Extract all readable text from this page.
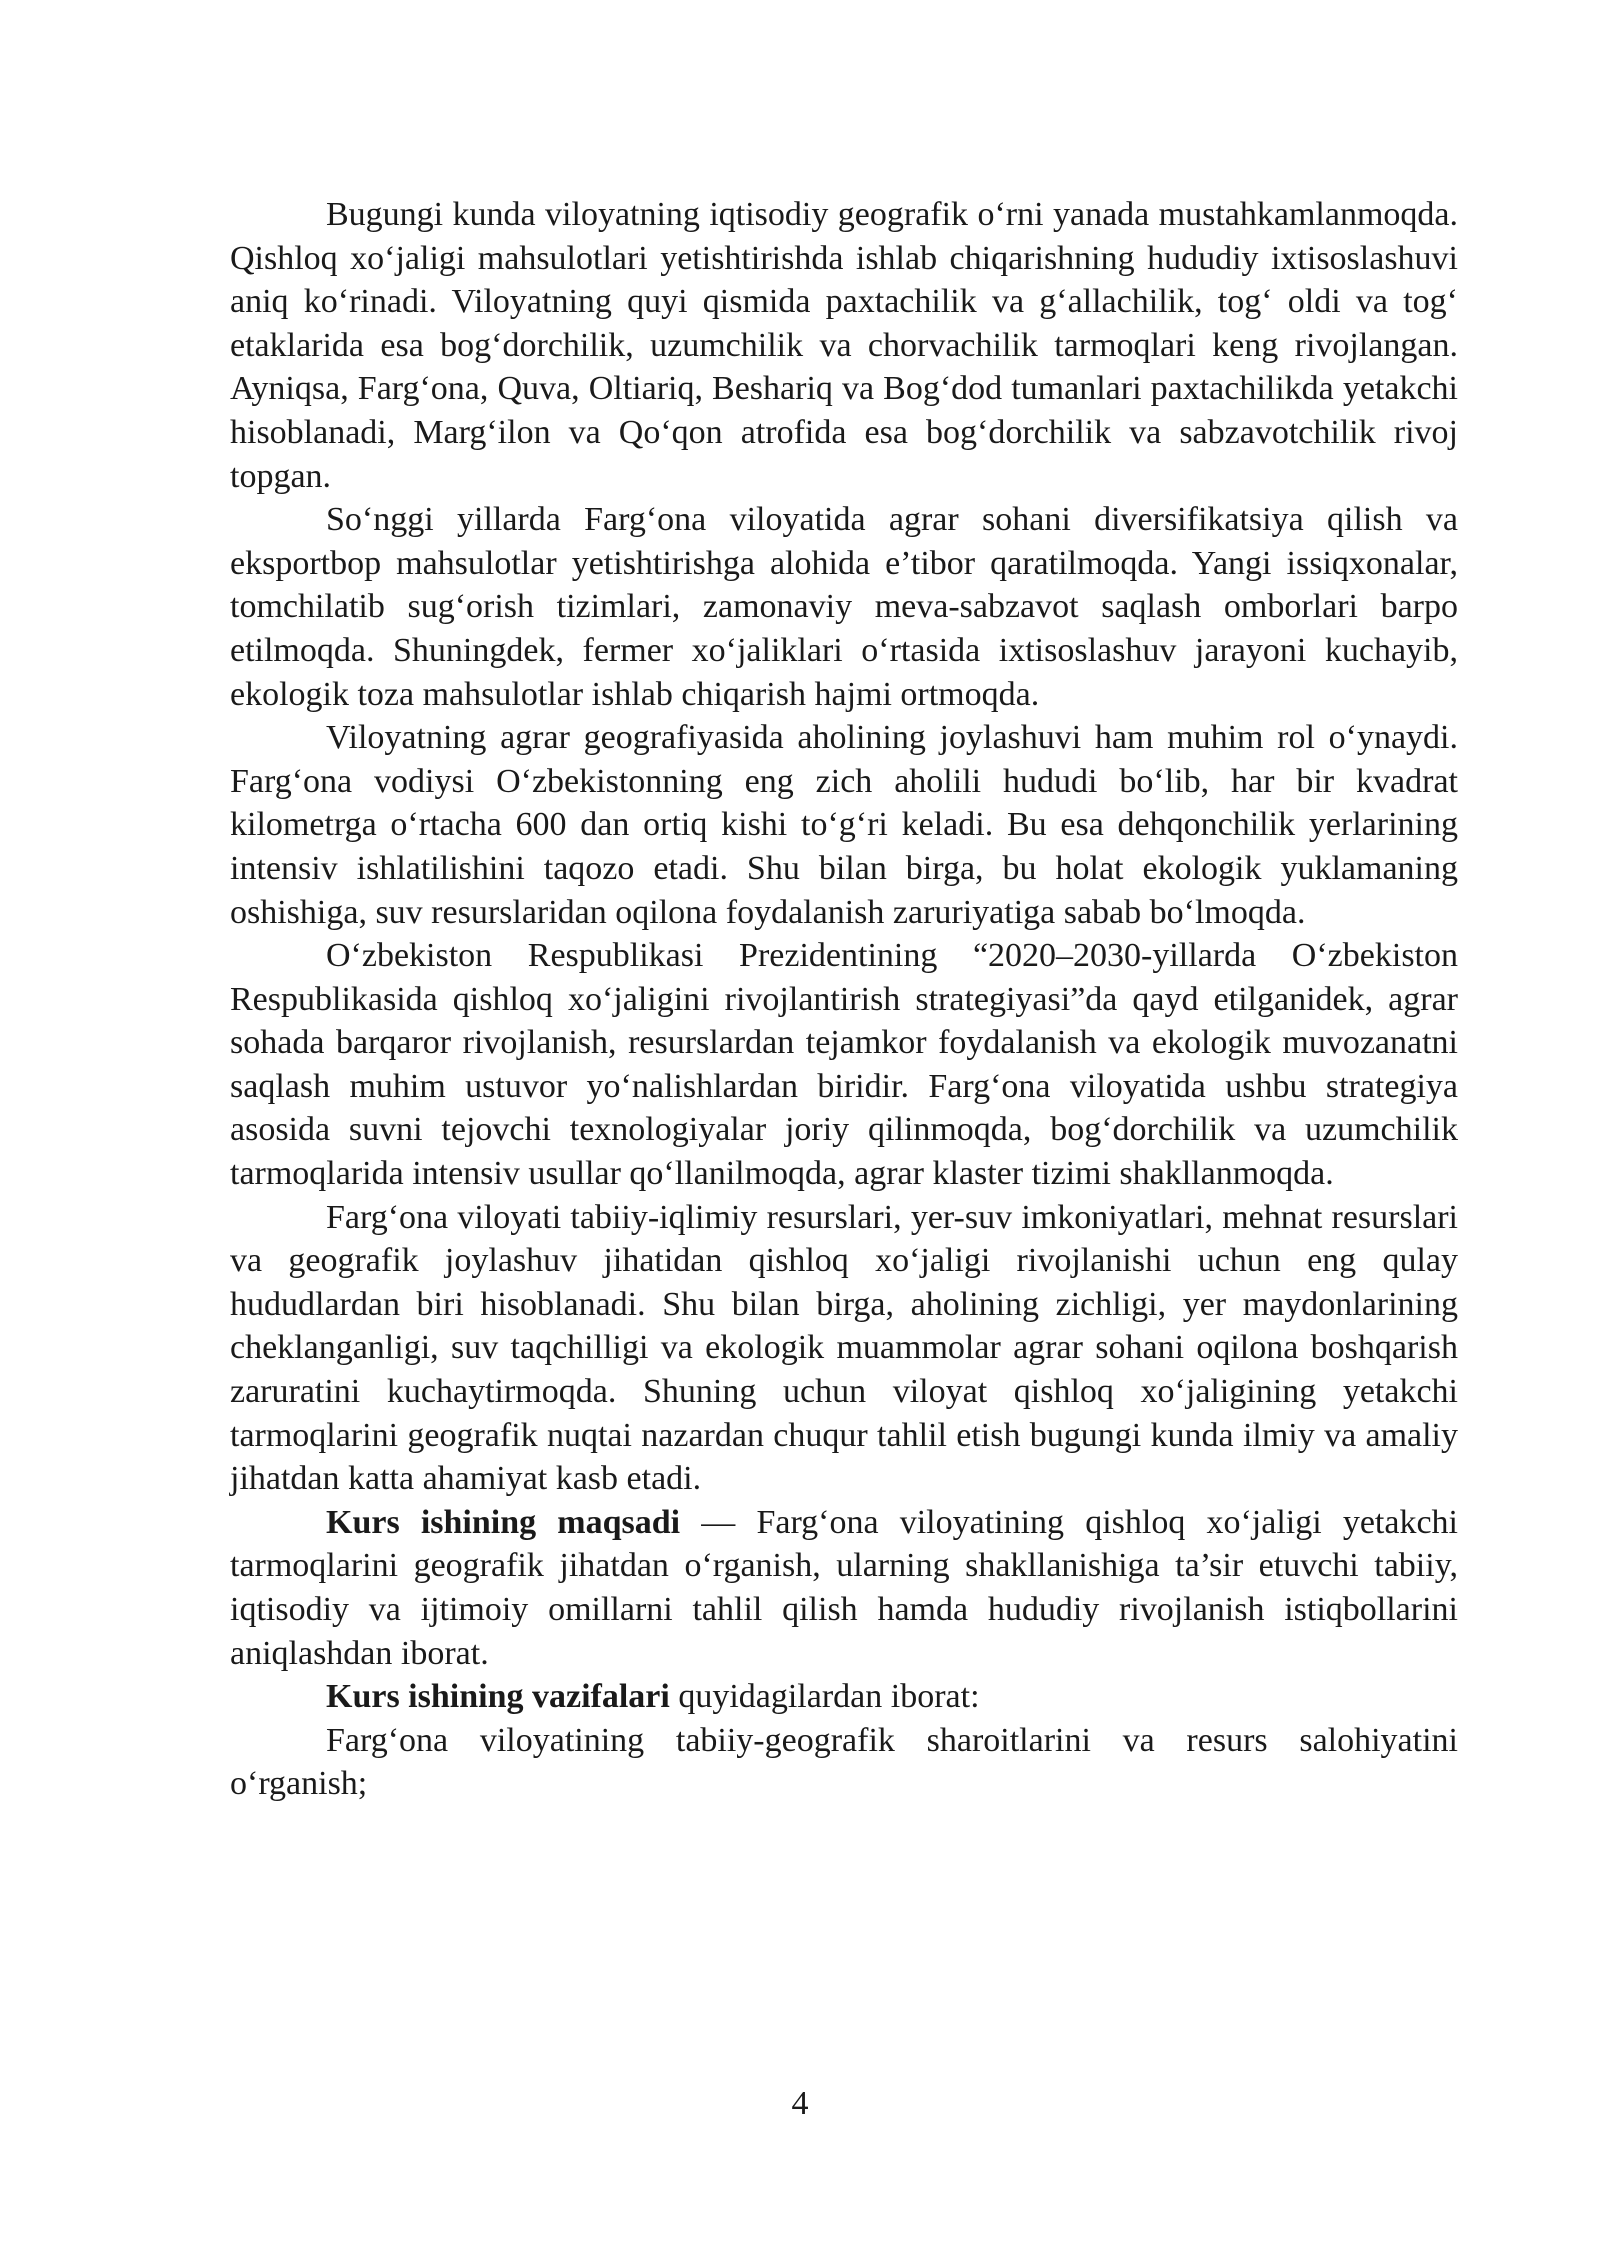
Bugungi kunda viloyatning iqtisodiy geografik o‘rni yanada mustahkamlanmoqda. Qishloq xo‘jaligi mahsulotlari yetishtirishda ishlab chiqarishning hududiy ixtisoslashuvi aniq ko‘rinadi. Viloyatning quyi qismida paxtachilik va g‘allachilik, tog‘ oldi va tog‘ etaklarida esa bog‘dorchilik, uzumchilik va chorvachilik tarmoqlari keng rivojlangan. Ayniqsa, Farg‘ona, Quva, Oltiariq, Beshariq va Bog‘dod tumanlari paxtachilikda yetakchi hisoblanadi, Marg‘ilon va Qo‘qon atrofida esa bog‘dorchilik va sabzavotchilik rivoj topgan.

So‘nggi yillarda Farg‘ona viloyatida agrar sohani diversifikatsiya qilish va eksportbop mahsulotlar yetishtirishga alohida e’tibor qaratilmoqda. Yangi issiqxonalar, tomchilatib sug‘orish tizimlari, zamonaviy meva-sabzavot saqlash omborlari barpo etilmoqda. Shuningdek, fermer xo‘jaliklari o‘rtasida ixtisoslashuv jarayoni kuchayib, ekologik toza mahsulotlar ishlab chiqarish hajmi ortmoqda.

Viloyatning agrar geografiyasida aholining joylashuvi ham muhim rol o‘ynaydi. Farg‘ona vodiysi O‘zbekistonning eng zich aholili hududi bo‘lib, har bir kvadrat kilometrga o‘rtacha 600 dan ortiq kishi to‘g‘ri keladi. Bu esa dehqonchilik yerlarining intensiv ishlatilishini taqozo etadi. Shu bilan birga, bu holat ekologik yuklamaning oshishiga, suv resurslaridan oqilona foydalanish zaruriyatiga sabab bo‘lmoqda.

O‘zbekiston Respublikasi Prezidentining “2020–2030-yillarda O‘zbekiston Respublikasida qishloq xo‘jaligini rivojlantirish strategiyasi”da qayd etilganidek, agrar sohada barqaror rivojlanish, resurslardan tejamkor foydalanish va ekologik muvozanatni saqlash muhim ustuvor yo‘nalishlardan biridir. Farg‘ona viloyatida ushbu strategiya asosida suvni tejovchi texnologiyalar joriy qilinmoqda, bog‘dorchilik va uzumchilik tarmoqlarida intensiv usullar qo‘llanilmoqda, agrar klaster tizimi shakllanmoqda.

Farg‘ona viloyati tabiiy-iqlimiy resurslari, yer-suv imkoniyatlari, mehnat resurslari va geografik joylashuv jihatidan qishloq xo‘jaligi rivojlanishi uchun eng qulay hududlardan biri hisoblanadi. Shu bilan birga, aholining zichligi, yer maydonlarining cheklanganligi, suv taqchilligi va ekologik muammolar agrar sohani oqilona boshqarish zaruratini kuchaytirmoqda. Shuning uchun viloyat qishloq xo‘jaligining yetakchi tarmoqlarini geografik nuqtai nazardan chuqur tahlil etish bugungi kunda ilmiy va amaliy jihatdan katta ahamiyat kasb etadi.

Kurs ishining maqsadi — Farg‘ona viloyatining qishloq xo‘jaligi yetakchi tarmoqlarini geografik jihatdan o‘rganish, ularning shakllanishiga ta’sir etuvchi tabiiy, iqtisodiy va ijtimoiy omillarni tahlil qilish hamda hududiy rivojlanish istiqbollarini aniqlashdan iborat.

Kurs ishining vazifalari quyidagilardan iborat:

Farg‘ona viloyatining tabiiy-geografik sharoitlarini va resurs salohiyatini o‘rganish;

4
